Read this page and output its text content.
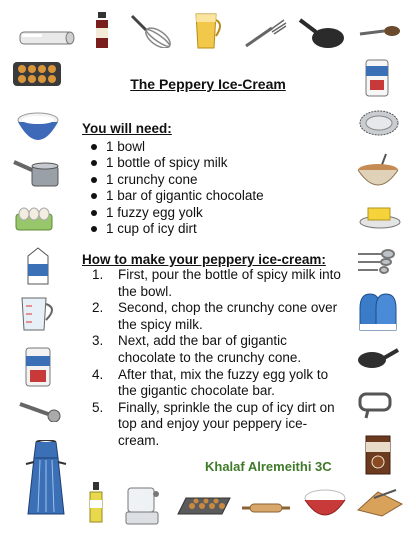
The Peppery Ice-Cream
You will need:
1 bowl
1 bottle of spicy milk
1 crunchy cone
1 bar of gigantic chocolate
1 fuzzy egg yolk
1 cup of icy dirt
How to make your peppery ice-cream:
1. First, pour the bottle of spicy milk into the bowl.
2. Second, chop the crunchy cone over the spicy milk.
3. Next, add the bar of gigantic chocolate to the crunchy cone.
4. After that, mix the fuzzy egg yolk to the gigantic chocolate bar.
5. Finally, sprinkle the cup of icy dirt on top and enjoy your peppery ice-cream.
Khalaf Alremeithi 3C
